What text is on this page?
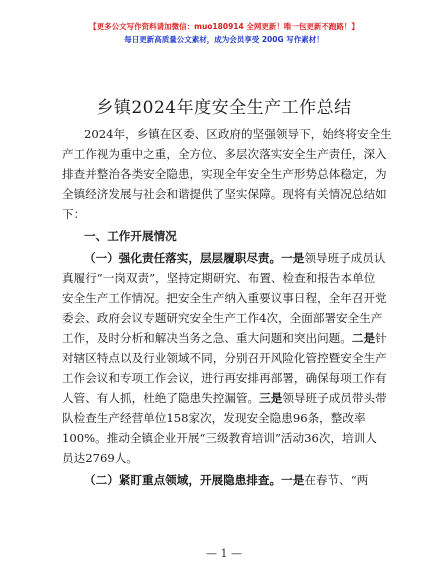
【更多公文写作资料请加微信：muo180914 全网更新！唯一包更新不跑路！】
每日更新高质量公文素材，成为会员享受 200G 写作素材！
乡镇2024年度安全生产工作总结
2024年，乡镇在区委、区政府的坚强领导下，始终将安全生
产工作视为重中之重，全方位、多层次落实安全生产责任，深入
排查并整治各类安全隐患，实现全年安全生产形势总体稳定，为
全镇经济发展与社会和谐提供了坚实保障。现将有关情况总结如
下：
一、工作开展情况
（一）强化责任落实，层层履职尽责。一是领导班子成员认
真履行“一岗双责”，坚持定期研究、布置、检查和报告本单位
安全生产工作情况。把安全生产纳入重要议事日程，全年召开党
委会、政府会议专题研究安全生产工作4次，全面部署安全生产
工作，及时分析和解决当务之急、重大问题和突出问题。二是针
对辖区特点以及行业领域不同，分别召开风险化管控暨安全生产
工作会议和专项工作会议，进行再安排再部署，确保每项工作有
人管、有人抓，杜绝了隐患失控漏管。三是领导班子成员带头带
队检查生产经营单位158家次，发现安全隐患96条，整改率
100%。推动全镇企业开展“三级教育培训”活动36次，培训人
员达2769人。
（二）紧盯重点领域，开展隐患排查。一是在春节、“两
— 1 —
